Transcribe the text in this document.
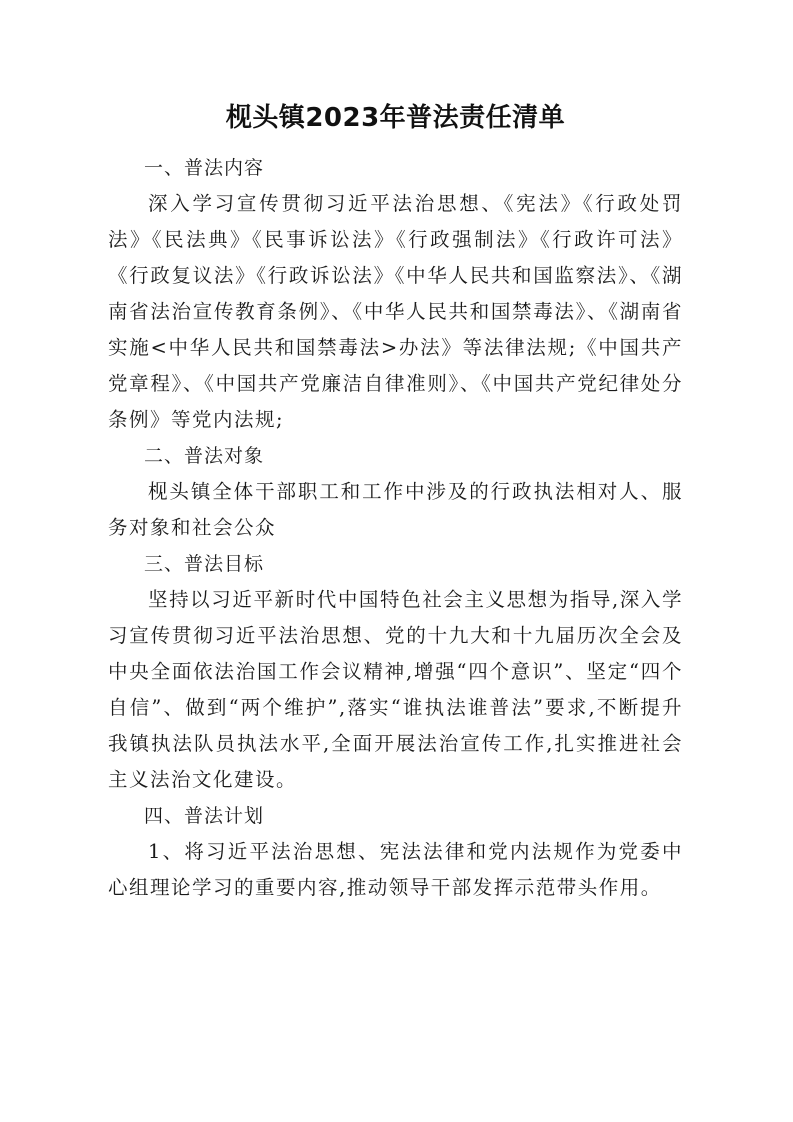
枧头镇2023年普法责任清单

一、普法内容

深入学习宣传贯彻习近平法治思想、《宪法》《行政处罚法》《民法典》《民事诉讼法》《行政强制法》《行政许可法》《行政复议法》《行政诉讼法》《中华人民共和国监察法》、《湖南省法治宣传教育条例》、《中华人民共和国禁毒法》、《湖南省实施<中华人民共和国禁毒法>办法》等法律法规;《中国共产党章程》、《中国共产党廉洁自律准则》、《中国共产党纪律处分条例》等党内法规;

二、普法对象

枧头镇全体干部职工和工作中涉及的行政执法相对人、服务对象和社会公众

三、普法目标

坚持以习近平新时代中国特色社会主义思想为指导,深入学习宣传贯彻习近平法治思想、党的十九大和十九届历次全会及中央全面依法治国工作会议精神,增强“四个意识”、坚定“四个自信”、做到“两个维护”,落实“谁执法谁普法”要求,不断提升我镇执法队员执法水平,全面开展法治宣传工作,扎实推进社会主义法治文化建设。

四、普法计划

1、将习近平法治思想、宪法法律和党内法规作为党委中心组理论学习的重要内容,推动领导干部发挥示范带头作用。
